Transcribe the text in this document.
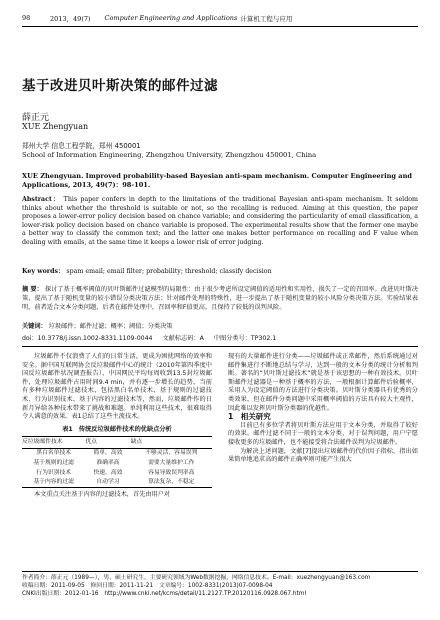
98	2013，49(7) Computer Engineering and Applications 计算机工程与应用
基于改进贝叶斯决策的邮件过滤
薛正元
XUE Zhengyuan
郑州大学 信息工程学院，郑州 450001
School of Information Engineering, Zhengzhou University, Zhengzhou 450001, China
XUE Zhengyuan. Improved probability-based Bayesian anti-spam mechanism. Computer Engineering and Applications, 2013, 49(7)：98-101.
Abstract： This paper confers in depth to the limitations of the traditional Bayesian anti-spam mechanism. It seldom thinks about whether the threshold is suitable or not, so the recalling is reduced. Aiming at this question, the paper proposes a lower-error policy decision based on chance variable; and considering the particularity of email classification, a lower-risk policy decision based on chance variable is proposed. The experimental results show that the former one maybe a better way to classify the common text; and the latter one makes better performance on recalling and F value when dealing with emails, at the same time it keeps a lower risk of error judging.
Key words： spam email; email filter; probability; threshold; classify decision
摘 要： 探讨了基于概率阈值的贝叶斯邮件过滤模型的局限性：由于很少考虑所设定阈值的适用性和实用性，损失了一定的召回率。改进贝叶斯决策，提出了基于随机变量的较小错误分类决策方法；针对邮件处理的特殊性，进一步提出了基于随机变量的较小风险分类决策方法。实验结果表明，前者适合文本分类问题，后者在邮件处理中，召回率和F值更高，且保持了较低的误判风险。
关键词： 垃圾邮件；邮件过滤；概率；阈值；分类决策
doi：10.3778/j.issn.1002-8331.1109-0044 文献标志码：A 中图分类号：TP302.1

垃圾邮件不仅浪费了人们的日常生活，更成为困扰网络的效率和安全。据中国互联网协会反垃圾邮件中心的统计（2010年第四季度中国反垃圾邮件状况调查报告），中国网民平均每周收到13.5封垃圾邮件，处理垃圾邮件占用时间9.4 min，并有逐一步增长的趋势。当前有多种垃圾邮件过滤技术，包括黑白名单技术、基于规则的过滤技术、行为识别技术、基于内容的过滤技术等，然而，垃圾邮件作的日新月异给各种技术带来了挑战和难题。单纯利用这些技术，很难取得令人满意的效果。表1总结了这些主流技术。

表1　传统反垃圾邮件技术的优缺点分析
反垃圾邮件技术	优点	缺点
黑白名单技术	简单，高效	不够灵活，容易误判
基于规则的过滤	准确率高	需要大量维护工作
行为识别技术	快速，高效	容易导致误判率高
基于内容的过滤	自动学习	算法复杂，不稳定

本文重点关注基于内容的过滤技术，首先由用户对

现有的大量邮件进行分类——垃圾邮件或正常邮件，然后系统通过对邮件集进行不断地总结与学习，达到一般的文本分类的统计分析和判断。著名的“贝叶斯过滤技术”就是基于该思想的一种有效技术。贝叶斯邮件过滤器是一种基于概率的方法，一般根据计算邮件后验概率，采用人为设定阈值的方法进行分类决策。贝叶斯分类器具有优秀的分类效果，但在邮件分类问题中采用概率阈值的方法具有较大主观性，因此难以发挥贝叶斯分类器的优越性。

1　相关研究

目前已有多位学者将贝叶斯方法应用于文本分类，并取得了较好的效果。邮件过滤不同于一般的文本分类，对于误判问题，用户宁愿接收更多的垃圾邮件，也不能接受将合法邮件误判为垃圾邮件。

为解决上述问题，文献[7]提出垃圾邮件的代价因子指标，指出如果简单地追求高的邮件正确率则可能产生很大

作者简介：薛正元（1989—），男，硕士研究生，主要研究领域为Web数据挖掘，网络信息技术。E-mail：xuezhengyuan@163.com
收稿日期：2011-09-05　修回日期：2011-11-21　文章编号：1002-8331(2013)07-0098-04
CNKI出版日期：2012-01-16　http://www.cnki.net/kcms/detail/11.2127.TP.20120116.0928.067.html
